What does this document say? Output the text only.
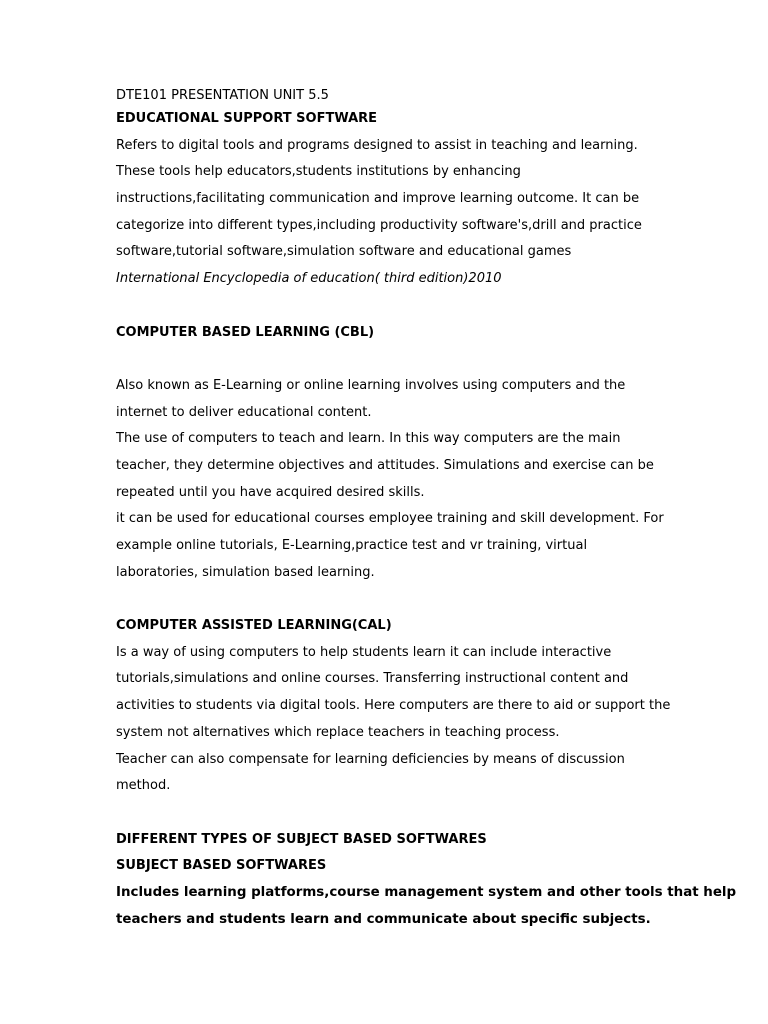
DTE101 PRESENTATION UNIT 5.5
EDUCATIONAL SUPPORT SOFTWARE
Refers to digital tools and programs designed to assist in teaching and learning.
These tools help educators,students institutions by enhancing
instructions,facilitating communication and improve learning outcome. It can be
categorize into different types,including productivity software's,drill and practice
software,tutorial software,simulation software and educational games
International Encyclopedia of education( third edition)2010
COMPUTER BASED LEARNING (CBL)
Also known as E-Learning or online learning involves using computers and the
internet to deliver educational content.
The use of computers to teach and learn. In this way computers are the main
teacher, they determine objectives and attitudes. Simulations and exercise can be
repeated until you have acquired desired skills.
it can be used for educational courses employee training and skill development. For
example online tutorials, E-Learning,practice test and vr training, virtual
laboratories, simulation based learning.
COMPUTER ASSISTED LEARNING(CAL)
Is a way of using computers to help students learn it can include interactive
tutorials,simulations and online courses. Transferring instructional content and
activities to students via digital tools. Here computers are there to aid or support the
system not alternatives which replace teachers in teaching process.
Teacher can also compensate for learning deficiencies by means of discussion
method.
DIFFERENT TYPES OF SUBJECT BASED SOFTWARES
SUBJECT BASED SOFTWARES
Includes learning platforms,course management system and other tools that help
teachers and students learn and communicate about specific subjects.
